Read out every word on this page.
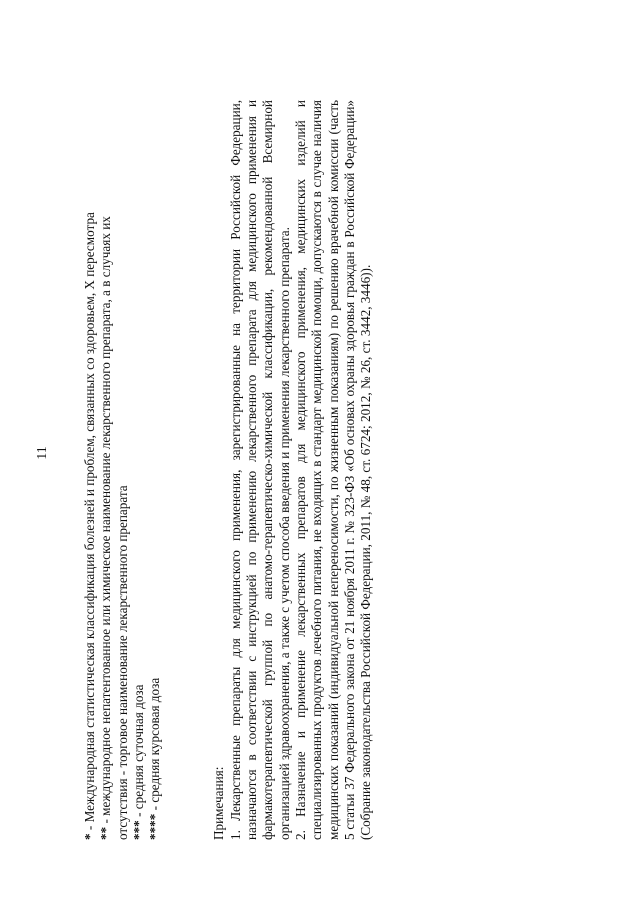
11
* - Международная статистическая классификация болезней и проблем, связанных со здоровьем, X пересмотра ** - международное непатентованное или химическое наименование лекарственного препарата, а в случаях их отсутствия - торговое наименование лекарственного препарата *** - средняя суточная доза
**** - средняя курсовая доза	Примечания: 1. Лекарственные препараты для медицинского применения, зарегистрированные на территории Российской Федерации, назначаются в соответствии с инструкцией по применению лекарственного препарата для медицинского применения и фармакотерапевтической группой по анатомо-терапевтическо-химической классификации, рекомендованной Всемирной организацией здравоохранения, а также с учетом способа введения и применения лекарственного препарата. 2. Назначение и применение лекарственных препаратов для медицинского применения, медицинских изделий и специализированных продуктов лечебного питания, не входящих в стандарт медицинской помощи, допускаются в случае наличия медицинских показаний (индивидуальной непереносимости, по жизненным показаниям) по решению врачебной комиссии (часть 5 статьи 37 Федерального закона от 21 ноября 2011 г. № 323-ФЗ «Об основах охраны здоровья граждан в Российской Федерации» (Собрание законодательства Российской Федерации, 2011, № 48, ст. 6724; 2012, № 26, ст. 3442, 3446)).
